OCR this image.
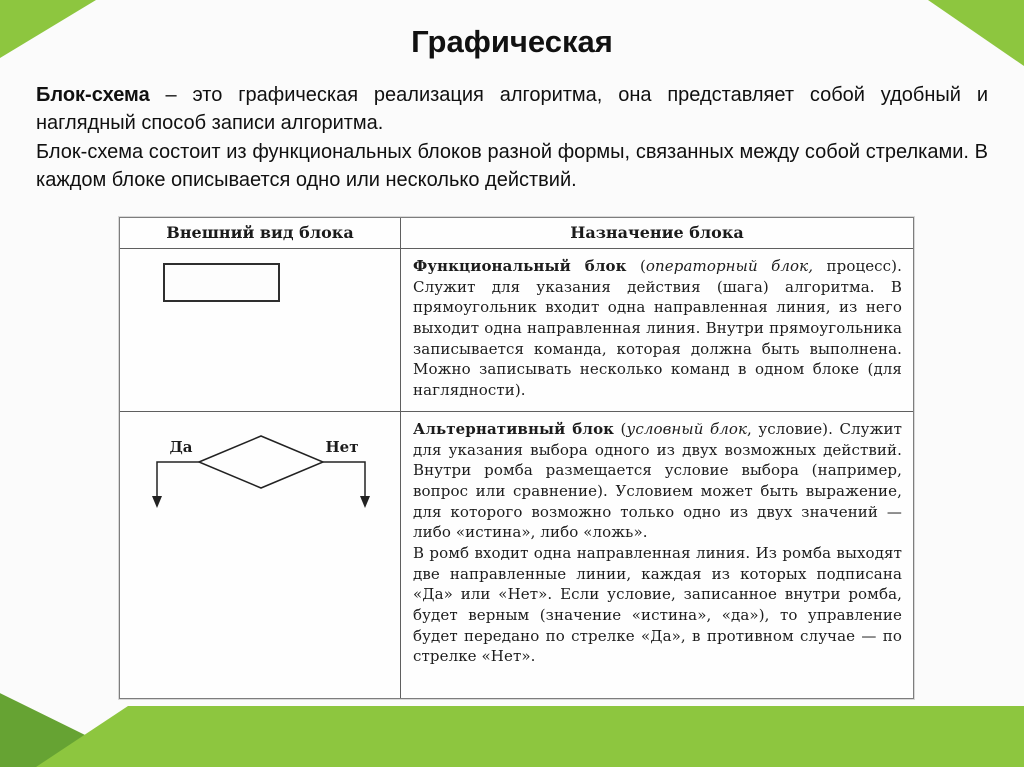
Графическая

Блок-схема – это графическая реализация алгоритма, она представляет собой удобный и наглядный способ записи алгоритма.

Блок-схема состоит из функциональных блоков разной формы, связанных между собой стрелками. В каждом блоке описывается одно или несколько действий.

Внешний вид блока	Назначение блока

Функциональный блок (операторный блок, процесс). Служит для указания действия (шага) алгоритма. В прямоугольник входит одна направленная линия, из него выходит одна направленная линия. Внутри прямоугольника записывается команда, которая должна быть выполнена. Можно записывать несколько команд в одном блоке (для наглядности).

Да	Нет

Альтернативный блок (условный блок, условие). Служит для указания выбора одного из двух возможных действий. Внутри ромба размещается условие выбора (например, вопрос или сравнение). Условием может быть выражение, для которого возможно только одно из двух значений — либо «истина», либо «ложь».

В ромб входит одна направленная линия. Из ромба выходят две направленные линии, каждая из которых подписана «Да» или «Нет». Если условие, записанное внутри ромба, будет верным (значение «истина», «да»), то управление будет передано по стрелке «Да», в противном случае — по стрелке «Нет».
